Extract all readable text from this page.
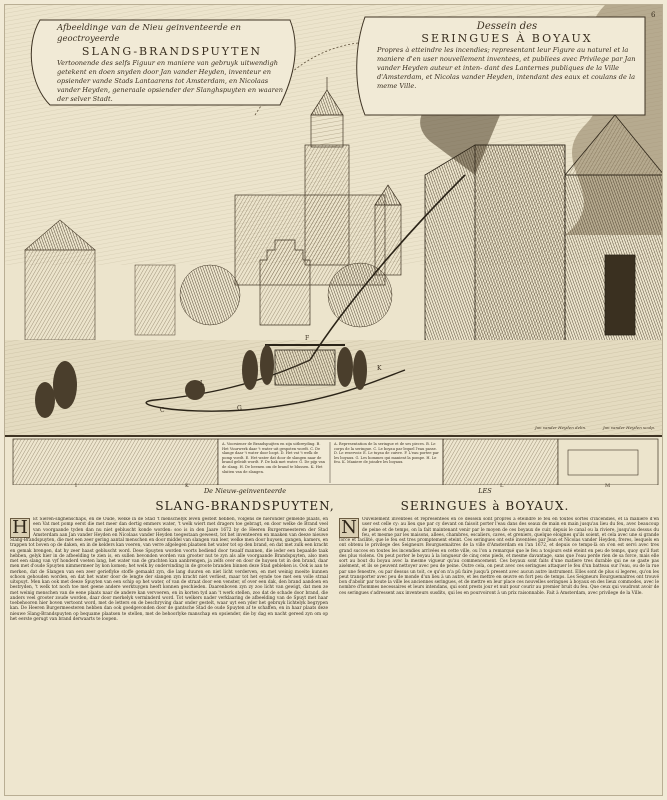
Afbeeldinge van de Nieu geinventeerde en geoctroyeerde
SLANG-BRANDSPUYTEN
Vertoonende des selfs Figuur en maniere van gebruyk uitwendigh getekent en doen snyden door Jan vander Heyden, inventeur en opsiender vande Stads Lantaarens tot Amsterdam, en Nicolaas vander Heyden, generaale opsiender der Slanghspuyten en waaren der selver Stadt.
Dessein des
SERINGUES À BOYAUX
Propres à etteindre les incendies; representant leur Figure au naturel et la maniere d'en user nouvellement inventees, et publiees avec Privilege par Jan vander Heyden auteur et inten- dant des Lanternes publiques de la Ville d'Amsterdam, et Nicolas vander Heyden, intendant des eaux et coulans de la meme Ville.
6
C
L
G
F
K
Jan vander Heyden delin.	Jan vander Heyden sculp.
I	K	L	M
A. Voorsiener de Brandspuijten en zijn uitbreyding. B. Het Vuurwerk daar 't water uit gespoten wordt. C. De slange daar 't water door loopt. D. Het vat 't welk de pomp voedt. E. Het water dat door de slangen naar de brand geleidt wordt. F. De bak met water. G. De pijp van de slang. H. De beenen om de brand te blussen. K. Het sluiten van de slangen.
A. Representation de la seringue et de ses pieces. B. Le corps de la seringue. C. Le boyau par lequel l'eau passe. D. Le reservoir. E. Le tuyau de cuivre. F. L'eau portee par les boyaux. G. Les hommes qui manient la pompe. H. Le feu. K. Maniere de joindre les boyaux.
De Nieuw-geinventeerde	LES
SLANG-BRANDSPUYTEN,	SERINGUES à BOYAUX.
H	Et Sieren-slighenschaps, en de Oude, welke in de Stad 't menschelyk leven gestelt hebben, volgens de hieronder gemelde plaats, en een Vat met pomp eerst die met meer dan dertig emmers water, 't welk wiert met dragers toe gebragt, en door welke de Brand veel van voorgaande tyden dan nu niet gebluscht konde worden: soo is in den Jaare 1672 by de Heeren Burgermeesteren der Stad Amsterdam aan Jan vander Heyden en Nicolaas vander Heyden toegestaan geweest, tot het inventeeren en maaken van deeze nieuwe Slang-Brandspuyten, die met een zeer gering aantal menschen en door middel van slangen van leer, welke men door huysen, gangen, kamers, en trappen tot boven op de daken, en in de kelders kan voeren, van verre afgelegen plaatsen het water tot op den brand, en dat met zulk een kracht en gemak brengen, dat hy zeer haast gebluscht word. Dese Spuyten worden voorts bediend door twaalf mannen, die ieder een bepaalde taak hebben, gelyk hier in de afbeelding te zien is, en sullen bevonden worden van grooter nut te zyn als alle voorgaande Brandspuyten, also men met een slang van vyf honderd voeten lang, het water van de grachten kan aanbrengen, ja zelfs over en door de huysen tot in den brand, daar men met d'oude Spuyten nimmermeer by kon komen; het welk by ondervinding in de groote branden binnen deze Stad gebleken is. Ook is aan te merken, dat de Slangen van een zeer gerieflyke stoffe gemaakt zyn, die lang duuren en niet licht verderven, en met weinig moeite kunnen schoon gehouden worden, en dat het water door de lengte der slangen zyn kracht niet verliest, maar tot het eynde toe met een volle straal uitspuyt. Men kan ook met deeze Spuyten van een schip op het water, of van de straat door een venster, of over een dak, den brand aandoen en bestryden, 't welk tot noch toe met geene andere werktuygen heeft konnen geschieden. Daarenboven zyn zy zoo licht van gewigt, dat men ze met weinig menschen van de eene plaats naar de andere kan vervoeren, en in korten tyd aan 't werk stellen, zoo dat de schade door brand, die anders veel grooter zoude worden, daar door merkelyk verminderd word. Tot welkers nader verklaaring de afbeelding van de Spuyt met haar toebehooren hier boven vertoont word, met de letters en de beschryving daar onder gestelt, waar uyt een yder het gebruyk lichtelyk begrypen kan. De Heeren Burgermeesteren hebben dan ook goedgevonden door de gantsche Stad de oude Spuyten af te schaffen, en in haar plaats deze nieuwe Slang-Brandspuyten op bequame plaatsen te stellen, met de behoorlyke manschap en opsiender, die by dag en nacht gereed zyn om op het eerste gerugt van brand derwaarts te loopen.

N	Ouvellement inventees et representees en ce dessein sont propres à eteindre le feu en toutes sortes d'incendies, et la maniere d'en user est celle cy: au lieu que par cy devant on faisoit porter l'eau dans des seaux de main en main jusqu'au lieu du feu, avec beaucoup de peine et de temps, on la fait maintenant venir par le moyen de ces boyaux de cuir, depuis le canal ou la riviere, jusqu'au dessus du feu, et mesme par les maisons, allees, chambres, escaliers, caves, et greniers, quelque eloignes qu'ils soient, et cela avec une si grande force et facilité, que le feu est tres promptement eteint. Ces seringues ont esté inventées par Jean et Nicolas vander Heyden, freres, lesquels en ont obtenu le privilege des Seigneurs Bourguemaitres de la ville d'Amsterdam en l'an 1672, et depuis ce temps-là on s'en est servi avec tres grand succes en toutes les incendies arrivées en cette ville, ou l'on a remarqué que le feu a toujours esté eteint en peu de temps, quoy qu'il fust des plus violens. On peut porter le boyau à la longueur de cinq cens pieds, et mesme davantage, sans que l'eau perde rien de sa force, mais elle sort au bout du boyau avec la mesme vigueur qu'au commencement. Ces boyaux sont faits d'une matiere tres durable qui ne se gaste pas aisément, et ils se peuvent nettoyer avec peu de peine. Outre cela, on peut avec ces seringues attaquer le feu d'un batteau sur l'eau, ou de la rue par une fenestre, ou par dessus un toit, ce qu'on n'a pû faire jusqu'à present avec aucun autre instrument. Elles sont de plus si legeres, qu'on les peut transporter avec peu de monde d'un lieu à un autre, et les mettre en œuvre en fort peu de temps. Les Seigneurs Bourguemaitres ont trouvé bon d'abolir par toute la ville les anciennes seringues, et de mettre en leur place ces nouvelles seringues à boyaux en des lieux commodes, avec le nombre d'hommes necessaires et leurs intendans, qui sont prests jour et nuit pour courir au premier bruit du feu. Que ceux qui voudront avoir de ces seringues s'adressent aux inventeurs susdits, qui les en pourvoiront à un prix raisonnable. Fait à Amsterdam, avec privilege de la Ville.
